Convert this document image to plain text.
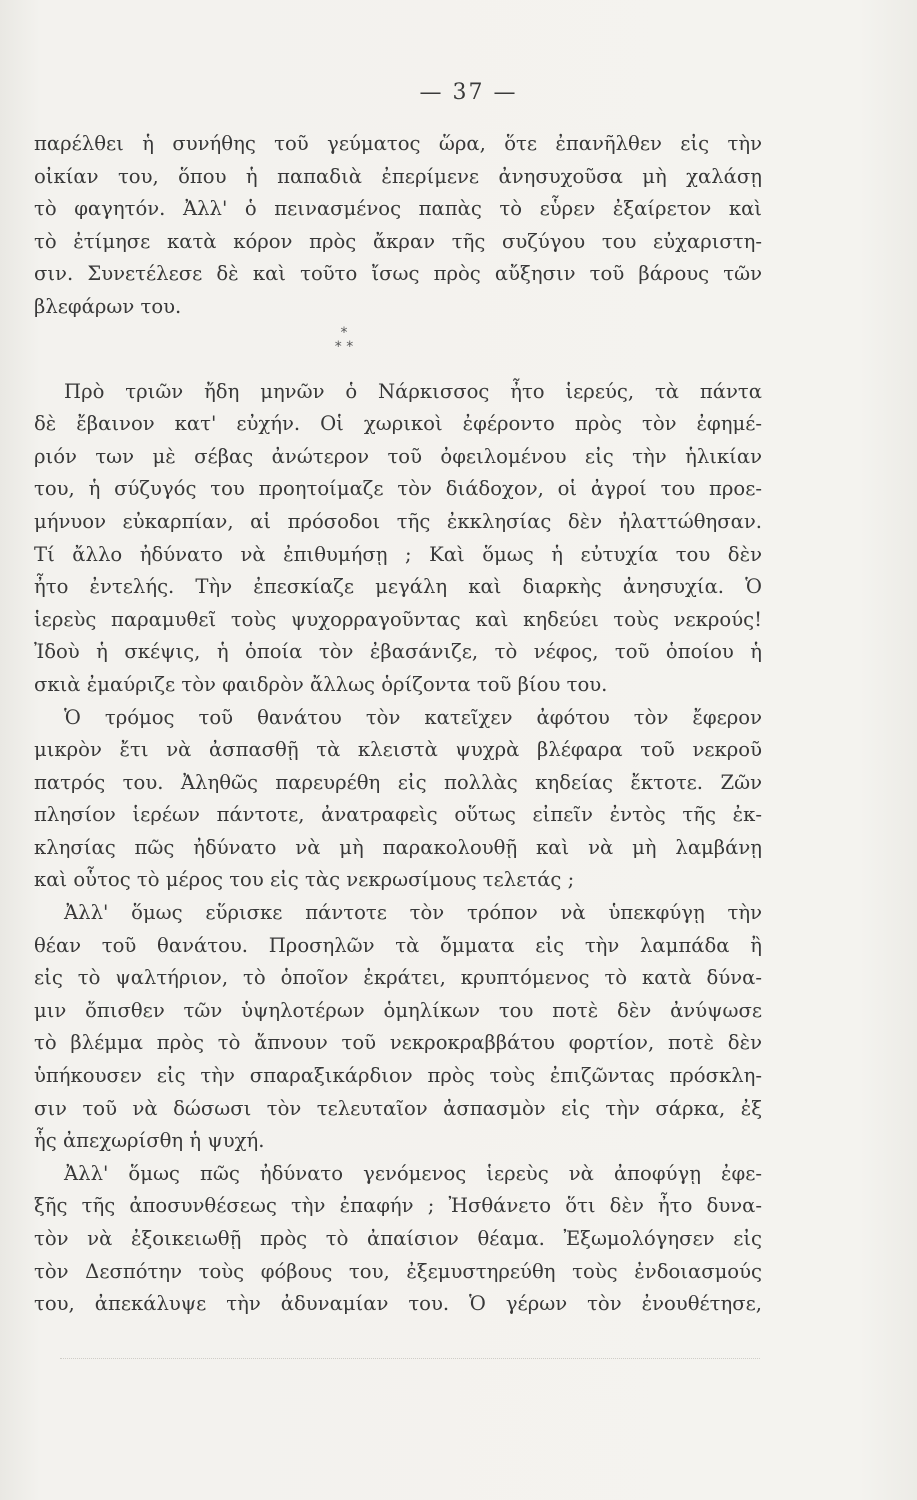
— 37 —
παρέλθει ἡ συνήθης τοῦ γεύματος ὥρα, ὅτε ἐπανῆλθεν εἰς τὴν
οἰκίαν του, ὅπου ἡ παπαδιὰ ἐπερίμενε ἀνησυχοῦσα μὴ χαλάσῃ
τὸ φαγητόν. Ἀλλ' ὁ πεινασμένος παπὰς τὸ εὗρεν ἐξαίρετον καὶ
τὸ ἐτίμησε κατὰ κόρον πρὸς ἄκραν τῆς συζύγου του εὐχαριστη-
σιν. Συνετέλεσε δὲ καὶ τοῦτο ἴσως πρὸς αὔξησιν τοῦ βάρους τῶν
βλεφάρων του.
*
* *
Πρὸ τριῶν ἤδη μηνῶν ὁ Νάρκισσος ἦτο ἱερεύς, τὰ πάντα
δὲ ἔβαινον κατ' εὐχήν. Οἱ χωρικοὶ ἐφέροντο πρὸς τὸν ἐφημέ-
ριόν των μὲ σέβας ἀνώτερον τοῦ ὀφειλομένου εἰς τὴν ἡλικίαν
του, ἡ σύζυγός του προητοίμαζε τὸν διάδοχον, οἱ ἀγροί του προε-
μήνυον εὐκαρπίαν, αἱ πρόσοδοι τῆς ἐκκλησίας δὲν ἠλαττώθησαν.
Τί ἄλλο ἠδύνατο νὰ ἐπιθυμήσῃ ; Καὶ ὅμως ἡ εὐτυχία του δὲν
ἦτο ἐντελής. Τὴν ἐπεσκίαζε μεγάλη καὶ διαρκὴς ἀνησυχία. Ὁ
ἱερεὺς παραμυθεῖ τοὺς ψυχορραγοῦντας καὶ κηδεύει τοὺς νεκρούς!
Ἰδοὺ ἡ σκέψις, ἡ ὁποία τὸν ἐβασάνιζε, τὸ νέφος, τοῦ ὁποίου ἡ
σκιὰ ἐμαύριζε τὸν φαιδρὸν ἄλλως ὁρίζοντα τοῦ βίου του.
Ὁ τρόμος τοῦ θανάτου τὸν κατεῖχεν ἀφότου τὸν ἔφερον
μικρὸν ἔτι νὰ ἀσπασθῇ τὰ κλειστὰ ψυχρὰ βλέφαρα τοῦ νεκροῦ
πατρός του. Ἀληθῶς παρευρέθη εἰς πολλὰς κηδείας ἔκτοτε. Ζῶν
πλησίον ἱερέων πάντοτε, ἀνατραφεὶς οὕτως εἰπεῖν ἐντὸς τῆς ἐκ-
κλησίας πῶς ἠδύνατο νὰ μὴ παρακολουθῇ καὶ νὰ μὴ λαμβάνῃ
καὶ οὗτος τὸ μέρος του εἰς τὰς νεκρωσίμους τελετάς ;
Ἀλλ' ὅμως εὕρισκε πάντοτε τὸν τρόπον νὰ ὑπεκφύγῃ τὴν
θέαν τοῦ θανάτου. Προσηλῶν τὰ ὄμματα εἰς τὴν λαμπάδα ἢ
εἰς τὸ ψαλτήριον, τὸ ὁποῖον ἐκράτει, κρυπτόμενος τὸ κατὰ δύνα-
μιν ὄπισθεν τῶν ὑψηλοτέρων ὁμηλίκων του ποτὲ δὲν ἀνύψωσε
τὸ βλέμμα πρὸς τὸ ἄπνουν τοῦ νεκροκραββάτου φορτίον, ποτὲ δὲν
ὑπήκουσεν εἰς τὴν σπαραξικάρδιον πρὸς τοὺς ἐπιζῶντας πρόσκλη-
σιν τοῦ νὰ δώσωσι τὸν τελευταῖον ἀσπασμὸν εἰς τὴν σάρκα, ἐξ
ἧς ἀπεχωρίσθη ἡ ψυχή.
Ἀλλ' ὅμως πῶς ἠδύνατο γενόμενος ἱερεὺς νὰ ἀποφύγῃ ἐφε-
ξῆς τῆς ἀποσυνθέσεως τὴν ἐπαφήν ; Ἠσθάνετο ὅτι δὲν ἦτο δυνα-
τὸν νὰ ἐξοικειωθῇ πρὸς τὸ ἀπαίσιον θέαμα. Ἐξωμολόγησεν εἰς
τὸν Δεσπότην τοὺς φόβους του, ἐξεμυστηρεύθη τοὺς ἐνδοιασμούς
του, ἀπεκάλυψε τὴν ἀδυναμίαν του. Ὁ γέρων τὸν ἐνουθέτησε,
